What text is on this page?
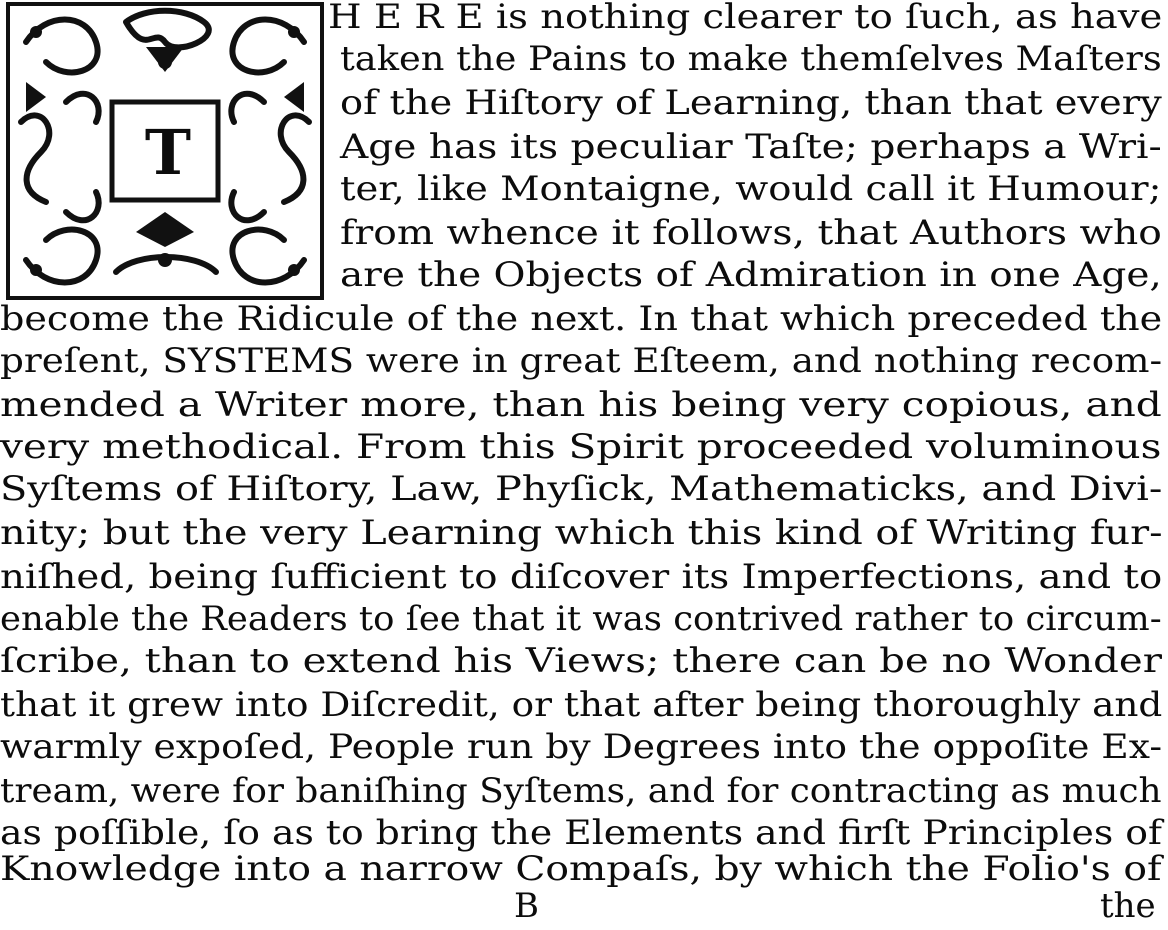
T
H E R E is nothing clearer to ſuch, as have
taken the Pains to make themſelves Maſters
of the Hiſtory of Learning, than that every
Age has its peculiar Taſte; perhaps a Wri-
ter, like Montaigne, would call it Humour;
from whence it follows, that Authors who
are the Objects of Admiration in one Age,
become the Ridicule of the next. In that which preceded the
preſent, SYSTEMS were in great Eſteem, and nothing recom-
mended a Writer more, than his being very copious, and
very methodical. From this Spirit proceeded voluminous
Syſtems of Hiſtory, Law, Phyſick, Mathematicks, and Divi-
nity; but the very Learning which this kind of Writing fur-
niſhed, being ſufficient to diſcover its Imperfections, and to
enable the Readers to ſee that it was contrived rather to circum-
ſcribe, than to extend his Views; there can be no Wonder
that it grew into Diſcredit, or that after being thoroughly and
warmly expoſed, People run by Degrees into the oppoſite Ex-
tream, were for baniſhing Syſtems, and for contracting as much
as poſſible, ſo as to bring the Elements and firſt Principles of
Knowledge into a narrow Compaſs, by which the Folio's of
B	the
